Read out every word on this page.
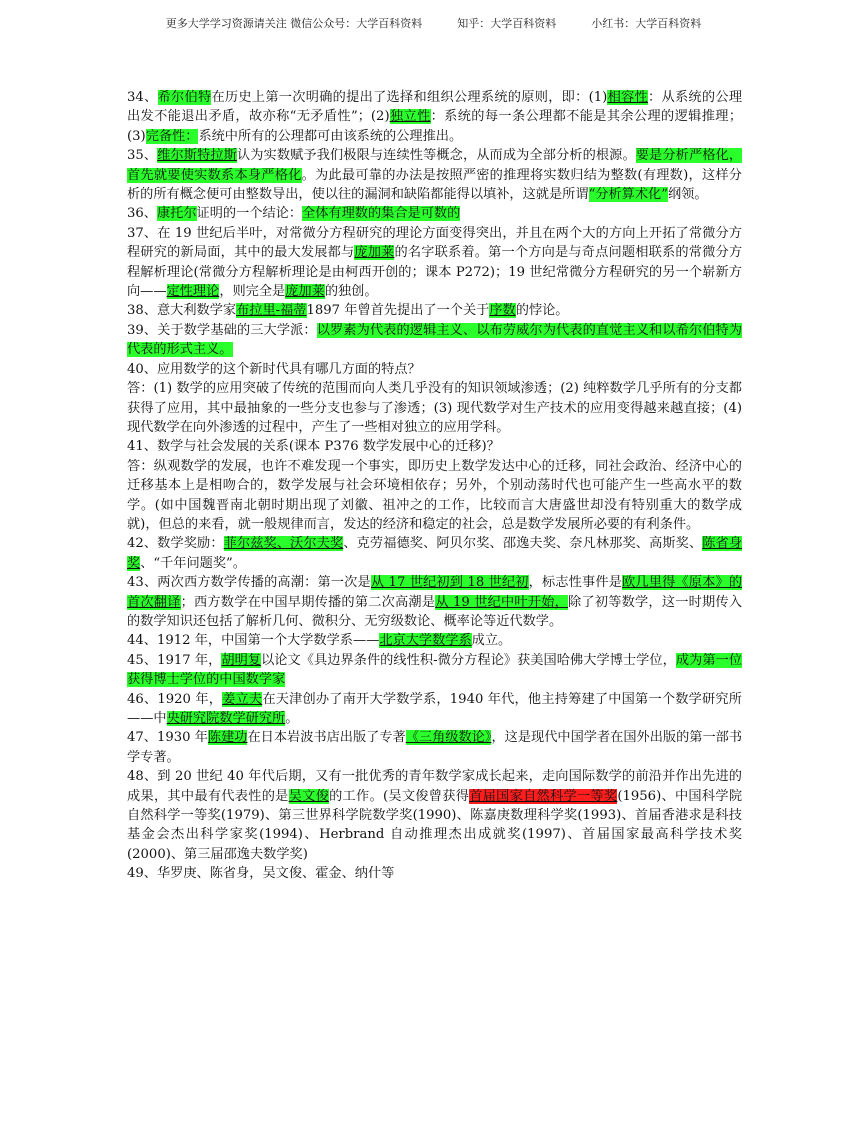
更多大学学习资源请关注 微信公众号：大学百科资料          知乎：大学百科资料          小红书：大学百科资料

34、希尔伯特在历史上第一次明确的提出了选择和组织公理系统的原则，即：(1)相容性：从系统的公理出发不能退出矛盾，故亦称“无矛盾性”；(2)独立性：系统的每一条公理都不能是其余公理的逻辑推理；(3)完备性：系统中所有的公理都可由该系统的公理推出。

35、维尔斯特拉斯认为实数赋予我们极限与连续性等概念，从而成为全部分析的根源。要是分析严格化，首先就要使实数系本身严格化。为此最可靠的办法是按照严密的推理将实数归结为整数(有理数)，这样分析的所有概念便可由整数导出，使以往的漏洞和缺陷都能得以填补，这就是所谓“分析算术化”纲领。

36、康托尔证明的一个结论：全体有理数的集合是可数的

37、在 19 世纪后半叶，对常微分方程研究的理论方面变得突出，并且在两个大的方向上开拓了常微分方程研究的新局面，其中的最大发展都与庞加莱的名字联系着。第一个方向是与奇点问题相联系的常微分方程解析理论(常微分方程解析理论是由柯西开创的；课本 P272)；19 世纪常微分方程研究的另一个崭新方向——定性理论，则完全是庞加莱的独创。

38、意大利数学家布拉里-福蒂1897 年曾首先提出了一个关于序数的悖论。

39、关于数学基础的三大学派：以罗素为代表的逻辑主义、以布劳威尔为代表的直觉主义和以希尔伯特为代表的形式主义。

40、应用数学的这个新时代具有哪几方面的特点？

答：(1) 数学的应用突破了传统的范围而向人类几乎没有的知识领域渗透；(2) 纯粹数学几乎所有的分支都获得了应用，其中最抽象的一些分支也参与了渗透；(3) 现代数学对生产技术的应用变得越来越直接；(4) 现代数学在向外渗透的过程中，产生了一些相对独立的应用学科。

41、数学与社会发展的关系(课本 P376 数学发展中心的迁移)？

答：纵观数学的发展，也许不难发现一个事实，即历史上数学发达中心的迁移，同社会政治、经济中心的迁移基本上是相吻合的，数学发展与社会环境相依存；另外，个别动荡时代也可能产生一些高水平的数学。(如中国魏晋南北朝时期出现了刘徽、祖冲之的工作，比较而言大唐盛世却没有特别重大的数学成就)，但总的来看，就一般规律而言，发达的经济和稳定的社会，总是数学发展所必要的有利条件。

42、数学奖励：菲尔兹奖、沃尔夫奖、克劳福德奖、阿贝尔奖、邵逸夫奖、奈凡林那奖、高斯奖、陈省身奖、“千年问题奖”。

43、两次西方数学传播的高潮：第一次是从 17 世纪初到 18 世纪初，标志性事件是欧几里得《原本》的首次翻译；西方数学在中国早期传播的第二次高潮是从 19 世纪中叶开始，除了初等数学，这一时期传入的数学知识还包括了解析几何、微积分、无穷级数论、概率论等近代数学。

44、1912 年，中国第一个大学数学系——北京大学数学系成立。

45、1917 年，胡明复以论文《具边界条件的线性积-微分方程论》获美国哈佛大学博士学位，成为第一位获得博士学位的中国数学家

46、1920 年，姜立夫在天津创办了南开大学数学系，1940 年代，他主持筹建了中国第一个数学研究所——中央研究院数学研究所。

47、1930 年陈建功在日本岩波书店出版了专著《三角级数论》，这是现代中国学者在国外出版的第一部书学专著。

48、到 20 世纪 40 年代后期，又有一批优秀的青年数学家成长起来，走向国际数学的前沿并作出先进的成果，其中最有代表性的是吴文俊的工作。(吴文俊曾获得首届国家自然科学一等奖(1956)、中国科学院自然科学一等奖(1979)、第三世界科学院数学奖(1990)、陈嘉庚数理科学奖(1993)、首届香港求是科技基金会杰出科学家奖(1994)、Herbrand 自动推理杰出成就奖(1997)、首届国家最高科学技术奖(2000)、第三届邵逸夫数学奖)

49、华罗庚、陈省身，吴文俊、霍金、纳什等
